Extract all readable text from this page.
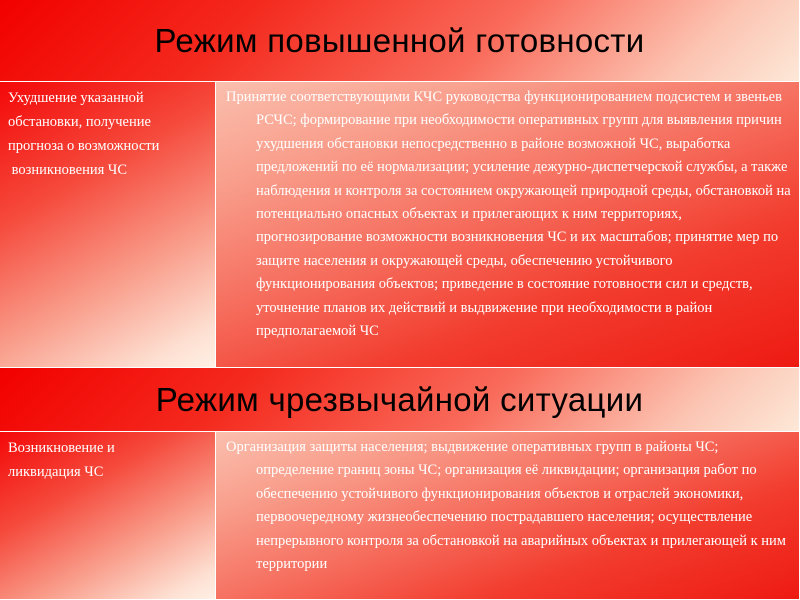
Режим повышенной готовности

Ухудшение указанной
обстановки, получение
прогноза о возможности
возникновения ЧС

Принятие соответствующими КЧС руководства функционированием подсистем и звеньев РСЧС; формирование при необходимости оперативных групп для выявления причин ухудшения обстановки непосредственно в районе возможной ЧС, выработка предложений по её нормализации; усиление дежурно-диспетчерской службы, а также наблюдения и контроля за состоянием окружающей природной среды, обстановкой на потенциально опасных объектах и прилегающих к ним территориях, прогнозирование возможности возникновения ЧС и их масштабов; принятие мер по защите населения и окружающей среды, обеспечению устойчивого функционирования объектов; приведение в состояние готовности сил и средств, уточнение планов их действий и выдвижение при необходимости в район предполагаемой ЧС

Режим чрезвычайной ситуации

Возникновение и
ликвидация ЧС

Организация защиты населения; выдвижение оперативных групп в районы ЧС; определение границ зоны ЧС; организация её ликвидации; организация работ по обеспечению устойчивого функционирования объектов и отраслей экономики, первоочередному жизнеобеспечению пострадавшего населения; осуществление непрерывного контроля за обстановкой на аварийных объектах и прилегающей к ним территории
